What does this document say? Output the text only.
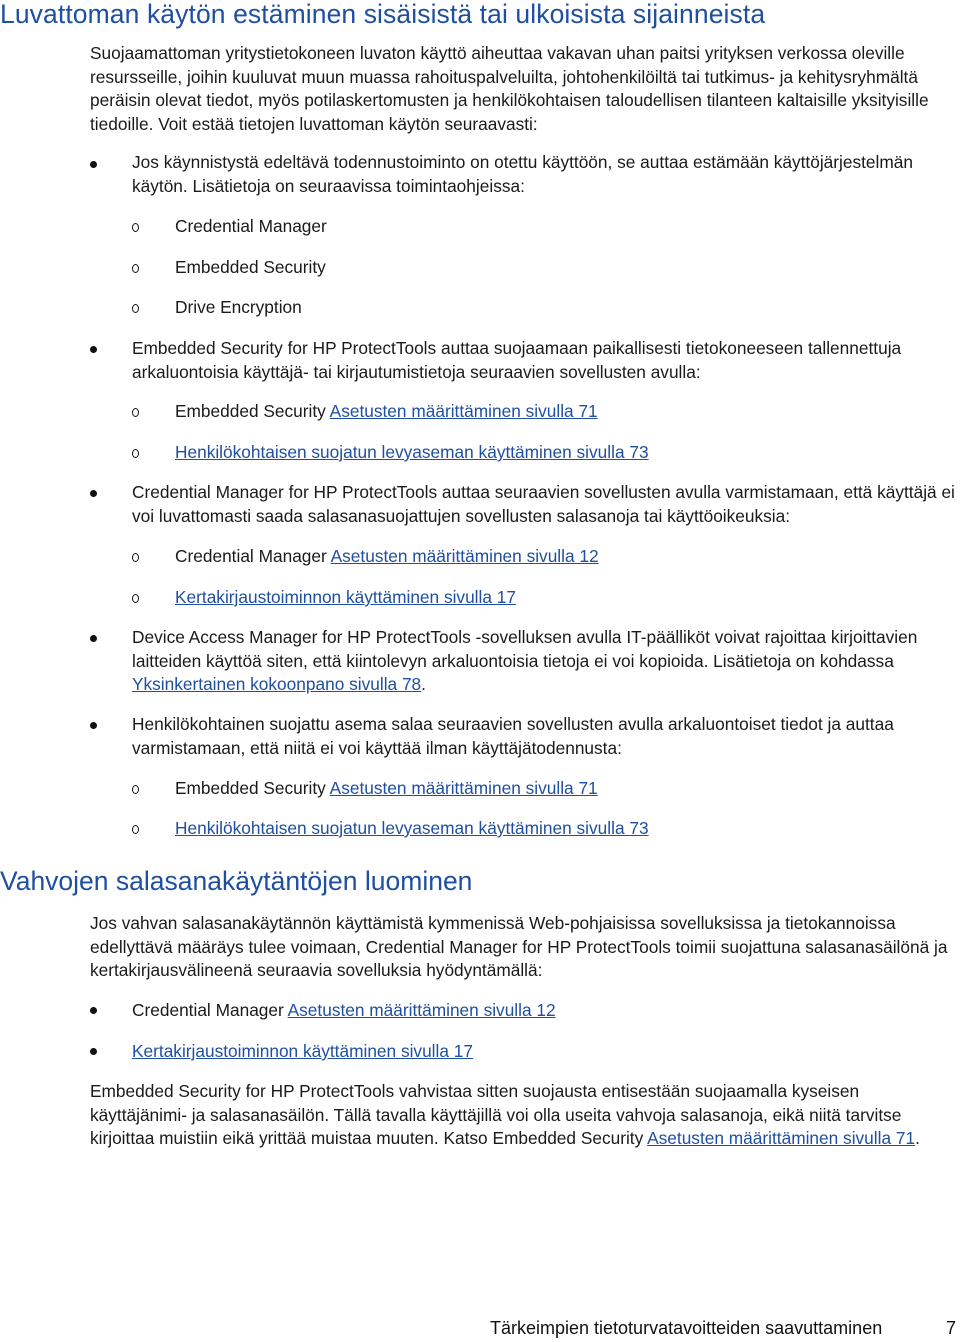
Luvattoman käytön estäminen sisäisistä tai ulkoisista sijainneista

Suojaamattoman yritystietokoneen luvaton käyttö aiheuttaa vakavan uhan paitsi yrityksen verkossa oleville resursseille, joihin kuuluvat muun muassa rahoituspalveluilta, johtohenkilöiltä tai tutkimus- ja kehitysryhmältä peräisin olevat tiedot, myös potilaskertomusten ja henkilökohtaisen taloudellisen tilanteen kaltaisille yksityisille tiedoille. Voit estää tietojen luvattoman käytön seuraavasti:

Jos käynnistystä edeltävä todennustoiminto on otettu käyttöön, se auttaa estämään käyttöjärjestelmän käytön. Lisätietoja on seuraavissa toimintaohjeissa:
Credential Manager
Embedded Security
Drive Encryption
Embedded Security for HP ProtectTools auttaa suojaamaan paikallisesti tietokoneeseen tallennettuja arkaluontoisia käyttäjä- tai kirjautumistietoja seuraavien sovellusten avulla:
Embedded Security Asetusten määrittäminen sivulla 71
Henkilökohtaisen suojatun levyaseman käyttäminen sivulla 73
Credential Manager for HP ProtectTools auttaa seuraavien sovellusten avulla varmistamaan, että käyttäjä ei voi luvattomasti saada salasanasuojattujen sovellusten salasanoja tai käyttöoikeuksia:
Credential Manager Asetusten määrittäminen sivulla 12
Kertakirjaustoiminnon käyttäminen sivulla 17
Device Access Manager for HP ProtectTools -sovelluksen avulla IT-päälliköt voivat rajoittaa kirjoittavien laitteiden käyttöä siten, että kiintolevyn arkaluontoisia tietoja ei voi kopioida. Lisätietoja on kohdassa Yksinkertainen kokoonpano sivulla 78.
Henkilökohtainen suojattu asema salaa seuraavien sovellusten avulla arkaluontoiset tiedot ja auttaa varmistamaan, että niitä ei voi käyttää ilman käyttäjätodennusta:
Embedded Security Asetusten määrittäminen sivulla 71
Henkilökohtaisen suojatun levyaseman käyttäminen sivulla 73
Vahvojen salasanakäytäntöjen luominen

Jos vahvan salasanakäytännön käyttämistä kymmenissä Web-pohjaisissa sovelluksissa ja tietokannoissa edellyttävä määräys tulee voimaan, Credential Manager for HP ProtectTools toimii suojattuna salasanasäilönä ja kertakirjausvälineenä seuraavia sovelluksia hyödyntämällä:

Credential Manager Asetusten määrittäminen sivulla 12
Kertakirjaustoiminnon käyttäminen sivulla 17

Embedded Security for HP ProtectTools vahvistaa sitten suojausta entisestään suojaamalla kyseisen käyttäjänimi- ja salasanasäilön. Tällä tavalla käyttäjillä voi olla useita vahvoja salasanoja, eikä niitä tarvitse kirjoittaa muistiin eikä yrittää muistaa muuten. Katso Embedded Security Asetusten määrittäminen sivulla 71.

Tärkeimpien tietoturvatavoitteiden saavuttaminen	7
